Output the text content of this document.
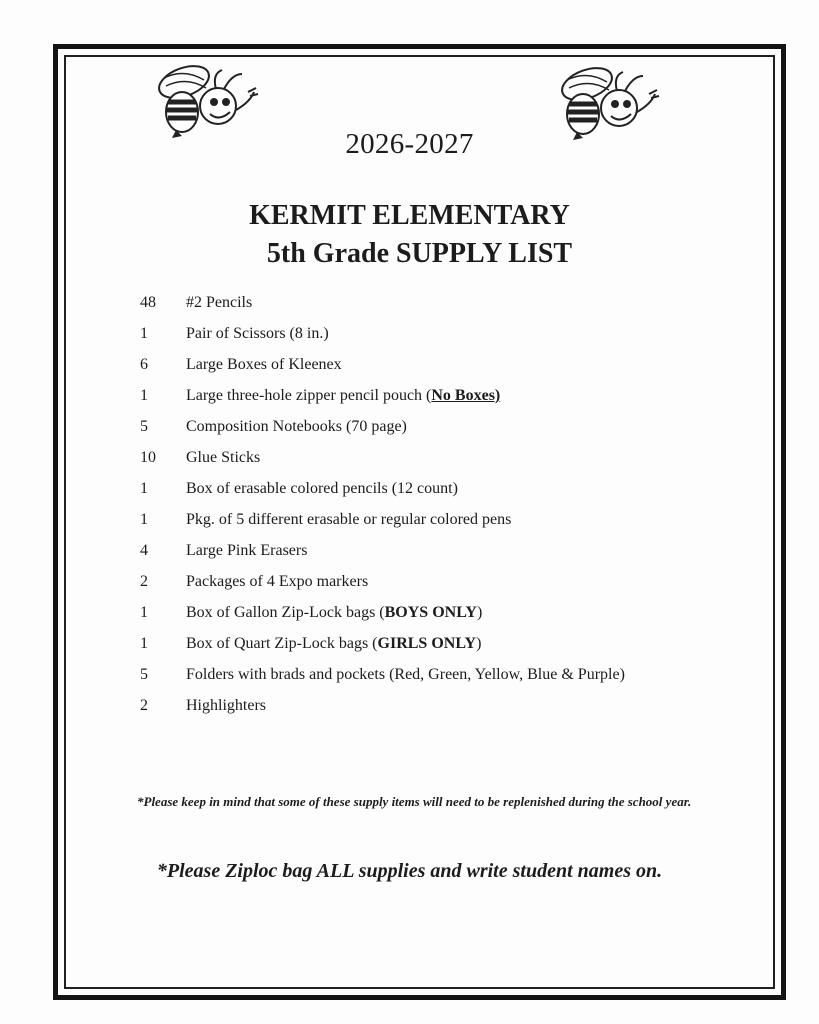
2026-2027
KERMIT ELEMENTARY
5th Grade SUPPLY LIST
48 #2 Pencils
1 Pair of Scissors (8 in.)
6 Large Boxes of Kleenex
1 Large three-hole zipper pencil pouch (No Boxes)
5 Composition Notebooks (70 page)
10 Glue Sticks
1 Box of erasable colored pencils (12 count)
1 Pkg. of 5 different erasable or regular colored pens
4 Large Pink Erasers
2 Packages of 4 Expo markers
1 Box of Gallon Zip-Lock bags (BOYS ONLY)
1 Box of Quart Zip-Lock bags (GIRLS ONLY)
5 Folders with brads and pockets (Red, Green, Yellow, Blue & Purple)
2 Highlighters
*Please keep in mind that some of these supply items will need to be replenished during the school year.
*Please Ziploc bag ALL supplies and write student names on.
